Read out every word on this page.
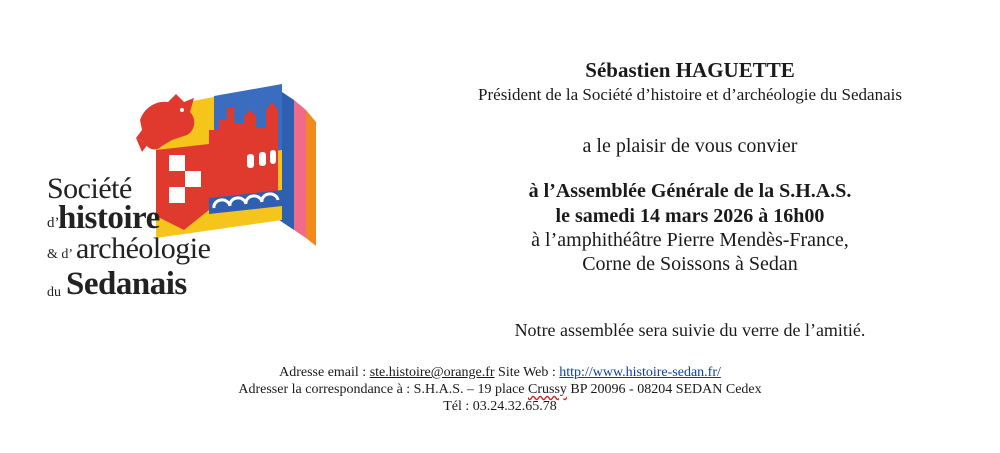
Société
d’
histoire
& d’ archéologie
du Sedanais
Sébastien HAGUETTE
Président de la Société d’histoire et d’archéologie du Sedanais
a le plaisir de vous convier
à l’Assemblée Générale de la S.H.A.S.
le samedi 14 mars 2026 à 16h00
à l’amphithéâtre Pierre Mendès-France,
Corne de Soissons à Sedan
Notre assemblée sera suivie du verre de l’amitié.
Adresse email : ste.histoire@orange.fr Site Web : http://www.histoire-sedan.fr/
Adresser la correspondance à : S.H.A.S. – 19 place Crussy BP 20096 - 08204 SEDAN Cedex
Tél : 03.24.32.65.78
